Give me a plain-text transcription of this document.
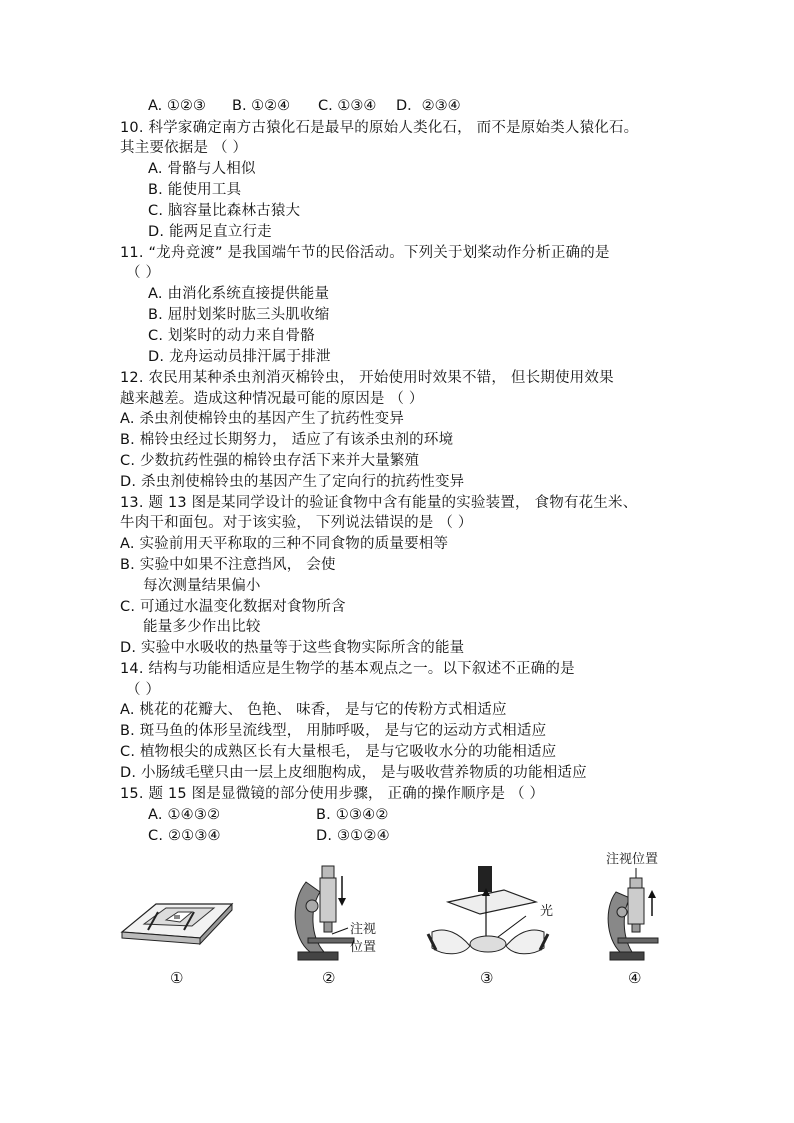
A. ①②③ B. ①②④ C. ①③④ D．②③④
10. 科学家确定南方古猿化石是最早的原始人类化石， 而不是原始类人猿化石。
其主要依据是 （ ）
A. 骨骼与人相似
B. 能使用工具
C. 脑容量比森林古猿大
D. 能两足直立行走
11. “龙舟竞渡” 是我国端午节的民俗活动。下列关于划桨动作分析正确的是
（ ）
A. 由消化系统直接提供能量
B. 屈肘划桨时肱三头肌收缩
C. 划桨时的动力来自骨骼
D. 龙舟运动员排汗属于排泄
12. 农民用某种杀虫剂消灭棉铃虫， 开始使用时效果不错， 但长期使用效果
越来越差。造成这种情况最可能的原因是 （ ）
A. 杀虫剂使棉铃虫的基因产生了抗药性变异
B. 棉铃虫经过长期努力， 适应了有该杀虫剂的环境
C. 少数抗药性强的棉铃虫存活下来并大量繁殖
D. 杀虫剂使棉铃虫的基因产生了定向行的抗药性变异
13. 题 13 图是某同学设计的验证食物中含有能量的实验装置， 食物有花生米、
牛肉干和面包。对于该实验， 下列说法错误的是 （ ）
A. 实验前用天平称取的三种不同食物的质量要相等
B. 实验中如果不注意挡风， 会使
每次测量结果偏小
C. 可通过水温变化数据对食物所含
能量多少作出比较
D. 实验中水吸收的热量等于这些食物实际所含的能量
14. 结构与功能相适应是生物学的基本观点之一。以下叙述不正确的是
（ ）
A. 桃花的花瓣大、 色艳、 味香， 是与它的传粉方式相适应
B. 斑马鱼的体形呈流线型， 用肺呼吸， 是与它的运动方式相适应
C. 植物根尖的成熟区长有大量根毛， 是与它吸收水分的功能相适应
D. 小肠绒毛壁只由一层上皮细胞构成， 是与吸收营养物质的功能相适应
15. 题 15 图是显微镜的部分使用步骤， 正确的操作顺序是 （ ）
A. ①④③②	B. ①③④②
C. ②①③④	D. ③①②④
①
注视
位置
②
光
③
注视位置
④
